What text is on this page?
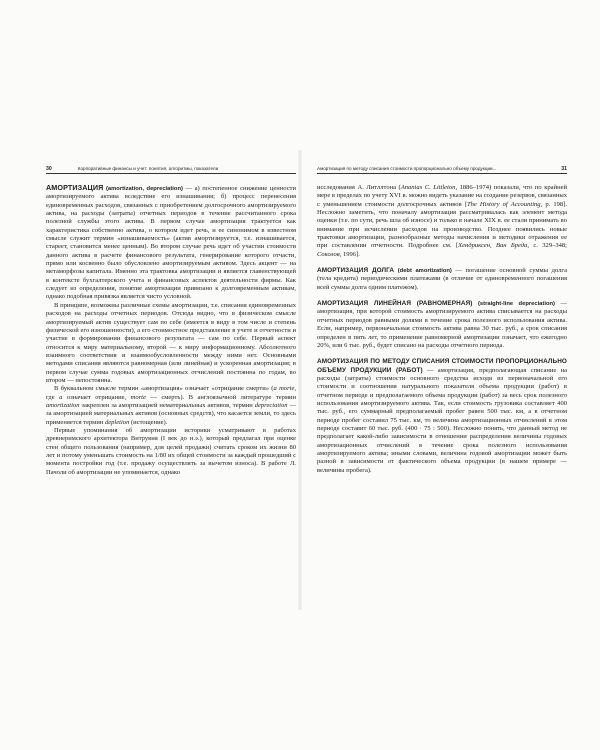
30	Корпоративные финансы и учет: понятия, алгоритмы, показатели

АМОРТИЗАЦИЯ (amortization, depreciation) — а) постепенное снижение ценности амортизируемого актива вследствие его изнашивания; б) процесс перенесения единовременных расходов, связанных с приобретением долгосрочного амортизируемого актива, на расходы (затраты) отчетных периодов в течение рассчитанного срока полезной службы этого актива. В первом случае амортизация трактуется как характеристика собственно актива, о котором идет речь, и ее синонимом в известном смысле служит термин «изнашиваемость» (актив амортизируется, т.е. изнашивается, стареет, становится менее ценным). Во втором случае речь идет об участии стоимости данного актива в расчете финансового результата, генерирование которого отчасти, прямо или косвенно было обусловлено амортизируемым активом. Здесь акцент — на метаморфозы капитала. Именно эта трактовка амортизации и является главенствующей в контексте бухгалтерского учета и финансовых аспектов деятельности фирмы. Как следует из определения, понятие амортизации привязано к долговременным активам, однако подобная привязка является чисто условной.

В принципе, возможны различные схемы амортизации, т.е. списания единовременных расходов на расходы отчетных периодов. Отсюда видно, что в физическом смысле амортизируемый актив существует сам по себе (имеется в виду в том числе и степень физической его изношенности), а его стоимостное представление в учете и отчетности и участие в формировании финансового результата — сам по себе. Первый аспект относится к миру материальному, второй — к миру информационному. Абсолютного взаимного соответствия и взаимообусловленности между ними нет. Основными методами списания являются равномерная (или линейная) и ускоренная амортизация; в первом случае сумма годовых амортизационных отчислений постоянна по годам, во втором — непостоянна.

В буквальном смысле термин «амортизация» означает «отрицание смерти» (a morte, где a означает отрицание, morte — смерть). В англоязычной литературе термин amortization закреплен за амортизацией нематериальных активов, термин depreciation — за амортизацией материальных активов (основных средств), что касается земли, то здесь применяется термин depletion (истощение).

Первые упоминания об амортизации историки усматривают в работах древнеримского архитектора Витрувия (I век до н.э.), который предлагал при оценке стен общего пользования (например, для целей продажи) считать сроком их жизни 80 лет и потому уменьшать стоимость на 1/80 их общей стоимости за каждый прошедший с момента постройки год (т.е. продажу осуществлять за вычетом износа). В работе Л. Пачоли об амортизации не упоминается, однако

Амортизация по методу списания стоимости пропорционально объему продукции...	31

исследования А. Литллтона (Ananias C. Littleton, 1886–1974) показали, что по крайней мере в пределах по учету XVI в. можно видеть указание на создание резервов, связанных с уменьшением стоимости долгосрочных активов [The History of Accounting, p. 198]. Несложно заметить, что поначалу амортизация рассматривалась как элемент метода оценки (т.е. по сути, речь шла об износе) и только в начале XIX в. ее стали принимать во внимание при исчислении расходов на производство. Позднее появились новые трактовки амортизации, разнообразные методы начисления и методики отражения ее при составлении отчетности. Подробнее см. [Хендриксен, Ван Бреда, с. 329–348; Соколов, 1996].

АМОРТИЗАЦИЯ ДОЛГА (debt amortization) — погашение основной суммы долга (тела кредита) периодическими платежами (в отличие от единовременного погашения всей суммы долга одним платежом).

АМОРТИЗАЦИЯ ЛИНЕЙНАЯ (РАВНОМЕРНАЯ) (straight-line depreciation) — амортизация, при которой стоимость амортизируемого актива списывается на расходы отчетных периодов равными долями в течение срока полезного использования актива. Если, например, первоначальная стоимость актива равна 30 тыс. руб., а срок списания определен в пять лет, то применение равномерной амортизации означает, что ежегодно 20%, или 6 тыс. руб., будет списано на расходы отчетного периода.

АМОРТИЗАЦИЯ ПО МЕТОДУ СПИСАНИЯ СТОИМОСТИ ПРОПОРЦИОНАЛЬНО ОБЪЕМУ ПРОДУКЦИИ (РАБОТ) — амортизация, предполагающая списание на расходы (затраты) стоимости основного средства исходя из первоначальной его стоимости и соотношения натурального показателя объема продукции (работ) в отчетном периоде и предполагаемого объема продукции (работ) за весь срок полезного использования амортизируемого актива. Так, если стоимость грузовика составляет 400 тыс. руб., его суммарный предполагаемый пробег равен 500 тыс. км, а в отчетном периоде пробег составил 75 тыс. км, то величина амортизационных отчислений в этом периоде составит 60 тыс. руб. (400 · 75 : 500). Несложно понять, что данный метод не предполагает какой-либо зависимости в отношении распределения величины годовых амортизационных отчислений в течение срока полезного использования амортизируемого актива; иными словами, величина годовой амортизации может быть разной в зависимости от фактического объема продукции (в нашем примере — величины пробега).
